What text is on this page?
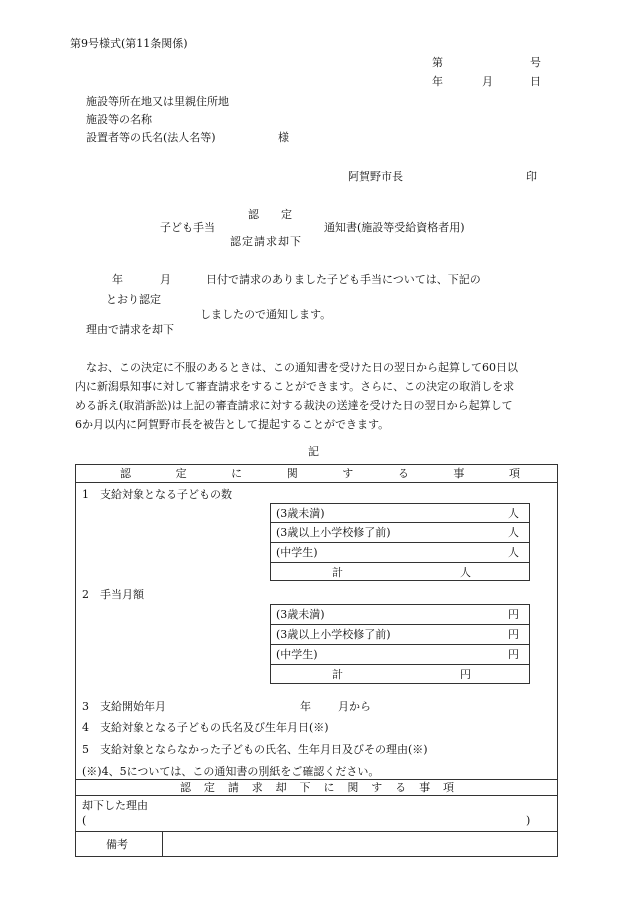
第9号様式(第11条関係)
第	号
年	月	日
施設等所在地又は里親住所地
施設等の名称
設置者等の氏名(法人名等)	様
阿賀野市長	印
認　　定
子ども手当
認定請求却下
通知書(施設等受給資格者用)
年	月	日付で請求のありました子ども手当については、下記の
とおり認定
しましたので通知します。
理由で請求を却下
なお、この決定に不服のあるときは、この通知書を受けた日の翌日から起算して60日以
内に新潟県知事に対して審査請求をすることができます。さらに、この決定の取消しを求
める訴え(取消訴訟)は上記の審査請求に対する裁決の送達を受けた日の翌日から起算して
6か月以内に阿賀野市長を被告として提起することができます。
記
認	定	に	関	す	る	事	項
1　支給対象となる子どもの数
(3歳未満)	人
(3歳以上小学校修了前)	人
(中学生)	人
計	人
2　手当月額
(3歳未満)	円
(3歳以上小学校修了前)	円
(中学生)	円
計	円
3　支給開始年月	年 月から
4　支給対象となる子どもの氏名及び生年月日(※)
5　支給対象とならなかった子どもの氏名、生年月日及びその理由(※)
(※)4、5については、この通知書の別紙をご確認ください。
認 定 請 求 却 下 に 関 す る 事 項
却下した理由
(	)
備考
